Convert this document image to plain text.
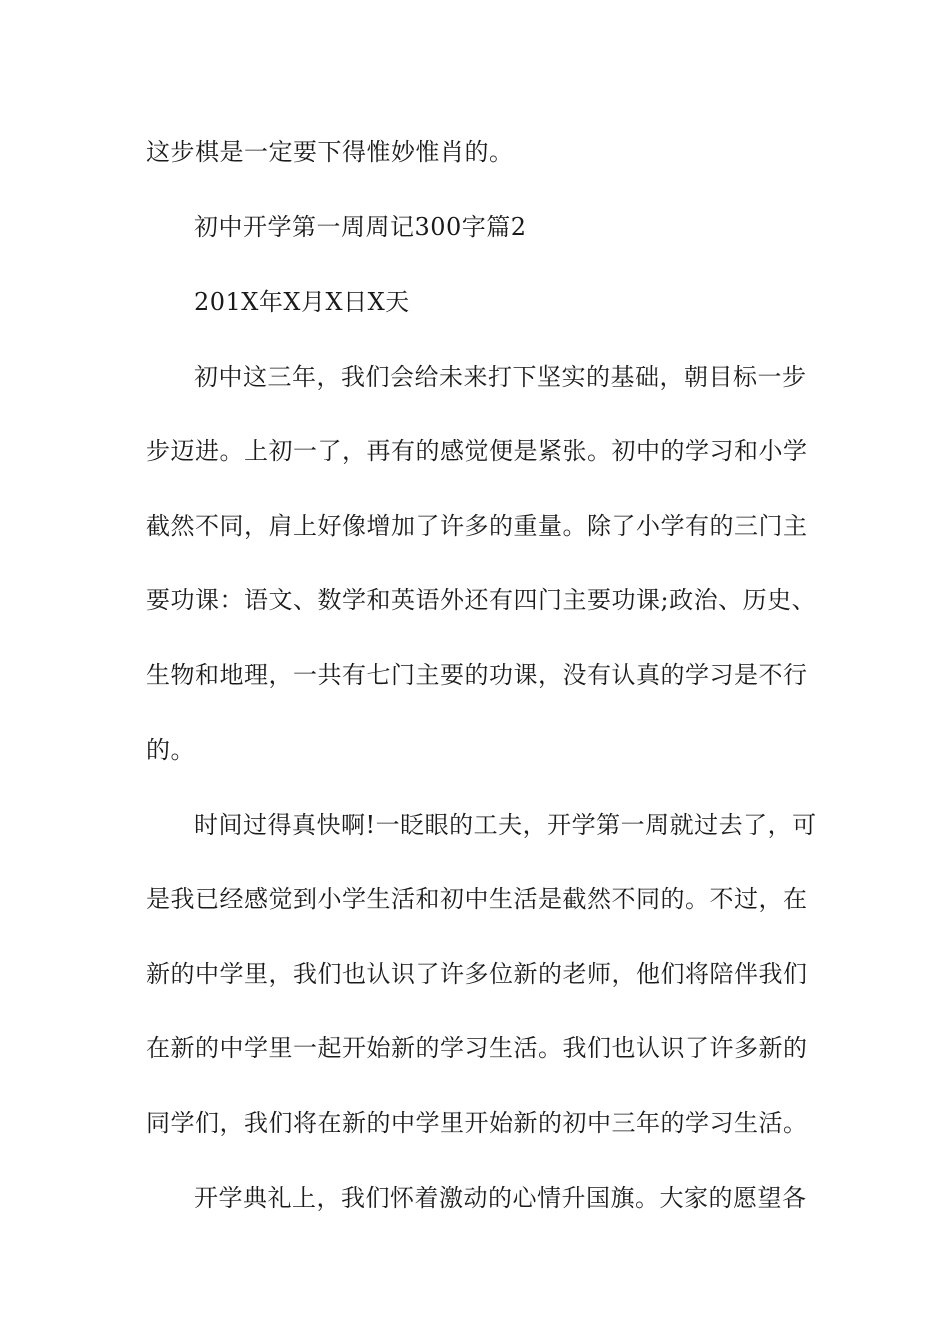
这步棋是一定要下得惟妙惟肖的。
初中开学第一周周记300字篇2
201X年X月X日X天
初中这三年，我们会给未来打下坚实的基础，朝目标一步
步迈进。上初一了，再有的感觉便是紧张。初中的学习和小学
截然不同，肩上好像增加了许多的重量。除了小学有的三门主
要功课：语文、数学和英语外还有四门主要功课;政治、历史、
生物和地理，一共有七门主要的功课，没有认真的学习是不行
的。
时间过得真快啊!一眨眼的工夫，开学第一周就过去了，可
是我已经感觉到小学生活和初中生活是截然不同的。不过，在
新的中学里，我们也认识了许多位新的老师，他们将陪伴我们
在新的中学里一起开始新的学习生活。我们也认识了许多新的
同学们，我们将在新的中学里开始新的初中三年的学习生活。
开学典礼上，我们怀着激动的心情升国旗。大家的愿望各
